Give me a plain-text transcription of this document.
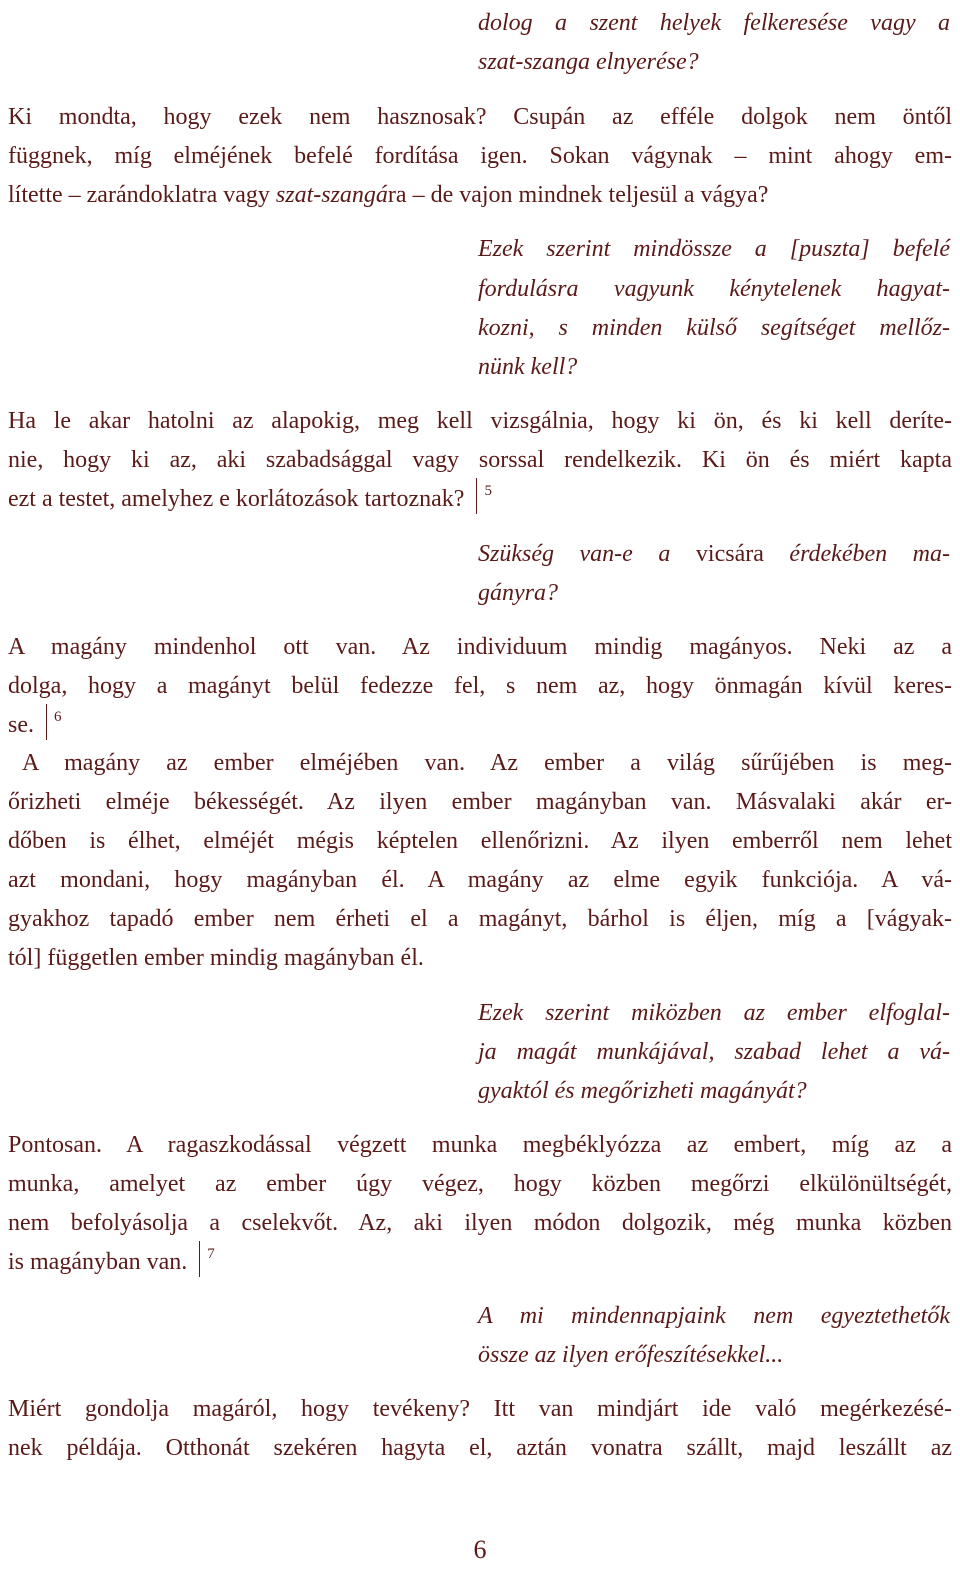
dolog a szent helyek felkeresése vagy a
szat-szanga elnyerése?
Ki mondta, hogy ezek nem hasznosak? Csupán az efféle dolgok nem öntől
függnek, míg elméjének befelé fordítása igen. Sokan vágynak – mint ahogy em-
lítette – zarándoklatra vagy szat-szangára – de vajon mindnek teljesül a vágya?
Ezek szerint mindössze a [puszta] befelé
fordulásra vagyunk kénytelenek hagyat-
kozni, s minden külső segítséget mellőz-
nünk kell?
Ha le akar hatolni az alapokig, meg kell vizsgálnia, hogy ki ön, és ki kell deríte-
nie, hogy ki az, aki szabadsággal vagy sorssal rendelkezik. Ki ön és miért kapta
ezt a testet, amelyhez e korlátozások tartoznak? 5
Szükség van-e a vicsára érdekében ma-
gányra?
A magány mindenhol ott van. Az individuum mindig magányos. Neki az a
dolga, hogy a magányt belül fedezze fel, s nem az, hogy önmagán kívül keres-
se. 6
A magány az ember elméjében van. Az ember a világ sűrűjében is meg-
őrizheti elméje békességét. Az ilyen ember magányban van. Másvalaki akár er-
dőben is élhet, elméjét mégis képtelen ellenőrizni. Az ilyen emberről nem lehet
azt mondani, hogy magányban él. A magány az elme egyik funkciója. A vá-
gyakhoz tapadó ember nem érheti el a magányt, bárhol is éljen, míg a [vágyak-
tól] független ember mindig magányban él.
Ezek szerint miközben az ember elfoglal-
ja magát munkájával, szabad lehet a vá-
gyaktól és megőrizheti magányát?
Pontosan. A ragaszkodással végzett munka megbéklyózza az embert, míg az a
munka, amelyet az ember úgy végez, hogy közben megőrzi elkülönültségét,
nem befolyásolja a cselekvőt. Az, aki ilyen módon dolgozik, még munka közben
is magányban van. 7
A mi mindennapjaink nem egyeztethetők
össze az ilyen erőfeszítésekkel...
Miért gondolja magáról, hogy tevékeny? Itt van mindjárt ide való megérkezésé-
nek példája. Otthonát szekéren hagyta el, aztán vonatra szállt, majd leszállt az
6
